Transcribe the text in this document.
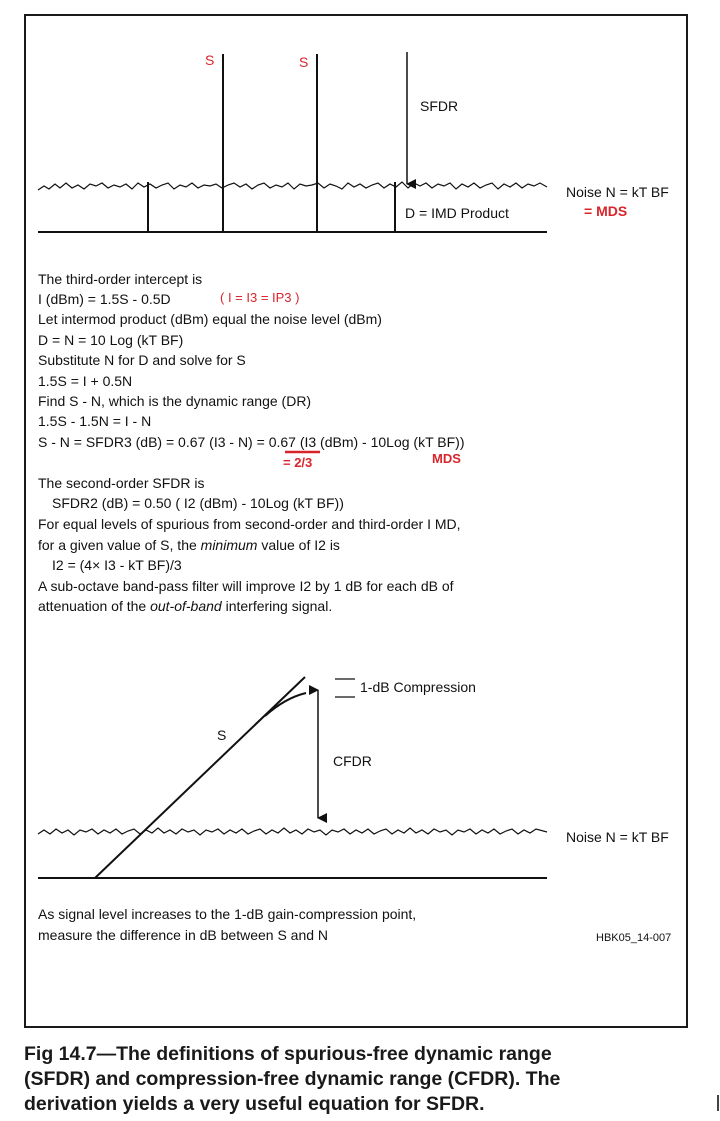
S	S
SFDR
Noise N = kT BF
= MDS
D = IMD Product
The third-order intercept is
I (dBm) = 1.5S - 0.5D	( I = I3 = IP3 )
Let intermod product (dBm) equal the noise level (dBm)
D = N = 10 Log (kT BF)
Substitute N for D and solve for S
1.5S = I + 0.5N
Find S - N, which is the dynamic range (DR)
1.5S - 1.5N = I - N
S - N = SFDR3 (dB) = 0.67 (I3 - N) = 0.67 (I3 (dBm) - 10Log (kT BF))
= 2/3	MDS
The second-order SFDR is
SFDR2 (dB) = 0.50 ( I2 (dBm) - 10Log (kT BF))
For equal levels of spurious from second-order and third-order I MD,
for a given value of S, the minimum value of I2 is
I2 = (4× I3 - kT BF)/3
A sub-octave band-pass filter will improve I2 by 1 dB for each dB of
attenuation of the out-of-band interfering signal.
1-dB Compression
S
CFDR
Noise N = kT BF
As signal level increases to the 1-dB gain-compression point,
measure the difference in dB between S and N	HBK05_14-007
Fig 14.7—The definitions of spurious-free dynamic range
(SFDR) and compression-free dynamic range (CFDR). The
derivation yields a very useful equation for SFDR.
